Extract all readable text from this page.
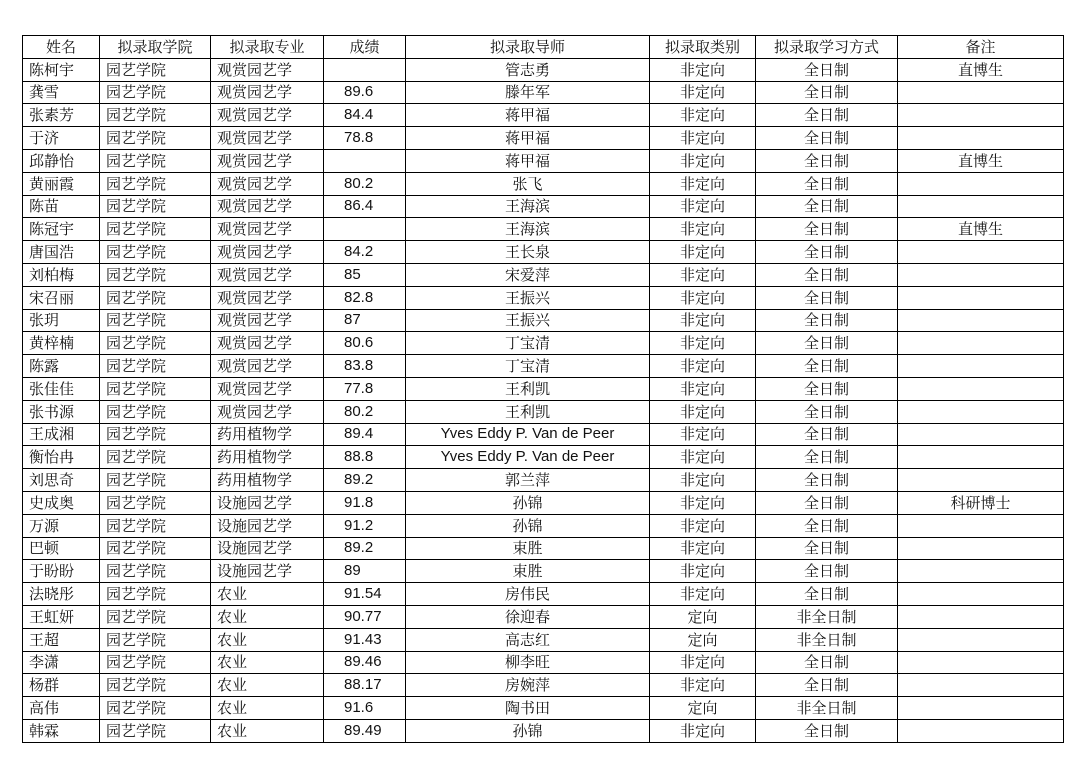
姓名	拟录取学院	拟录取专业	成绩	拟录取导师	拟录取类别	拟录取学习方式	备注
陈柯宇	园艺学院	观赏园艺学		管志勇	非定向	全日制	直博生
龚雪	园艺学院	观赏园艺学	89.6	滕年军	非定向	全日制	
张素芳	园艺学院	观赏园艺学	84.4	蒋甲福	非定向	全日制	
于济	园艺学院	观赏园艺学	78.8	蒋甲福	非定向	全日制	
邱静怡	园艺学院	观赏园艺学		蒋甲福	非定向	全日制	直博生
黄丽霞	园艺学院	观赏园艺学	80.2	张飞	非定向	全日制	
陈苗	园艺学院	观赏园艺学	86.4	王海滨	非定向	全日制	
陈冠宇	园艺学院	观赏园艺学		王海滨	非定向	全日制	直博生
唐国浩	园艺学院	观赏园艺学	84.2	王长泉	非定向	全日制	
刘柏梅	园艺学院	观赏园艺学	85	宋爱萍	非定向	全日制	
宋召丽	园艺学院	观赏园艺学	82.8	王振兴	非定向	全日制	
张玥	园艺学院	观赏园艺学	87	王振兴	非定向	全日制	
黄梓楠	园艺学院	观赏园艺学	80.6	丁宝清	非定向	全日制	
陈露	园艺学院	观赏园艺学	83.8	丁宝清	非定向	全日制	
张佳佳	园艺学院	观赏园艺学	77.8	王利凯	非定向	全日制	
张书源	园艺学院	观赏园艺学	80.2	王利凯	非定向	全日制	
王成湘	园艺学院	药用植物学	89.4	Yves Eddy P. Van de Peer	非定向	全日制	
衡怡冉	园艺学院	药用植物学	88.8	Yves Eddy P. Van de Peer	非定向	全日制	
刘思奇	园艺学院	药用植物学	89.2	郭兰萍	非定向	全日制	
史成奥	园艺学院	设施园艺学	91.8	孙锦	非定向	全日制	科研博士
万源	园艺学院	设施园艺学	91.2	孙锦	非定向	全日制	
巴顿	园艺学院	设施园艺学	89.2	束胜	非定向	全日制	
于盼盼	园艺学院	设施园艺学	89	束胜	非定向	全日制	
法晓彤	园艺学院	农业	91.54	房伟民	非定向	全日制	
王虹妍	园艺学院	农业	90.77	徐迎春	定向	非全日制	
王超	园艺学院	农业	91.43	高志红	定向	非全日制	
李潇	园艺学院	农业	89.46	柳李旺	非定向	全日制	
杨群	园艺学院	农业	88.17	房婉萍	非定向	全日制	
高伟	园艺学院	农业	91.6	陶书田	定向	非全日制	
韩霖	园艺学院	农业	89.49	孙锦	非定向	全日制	
